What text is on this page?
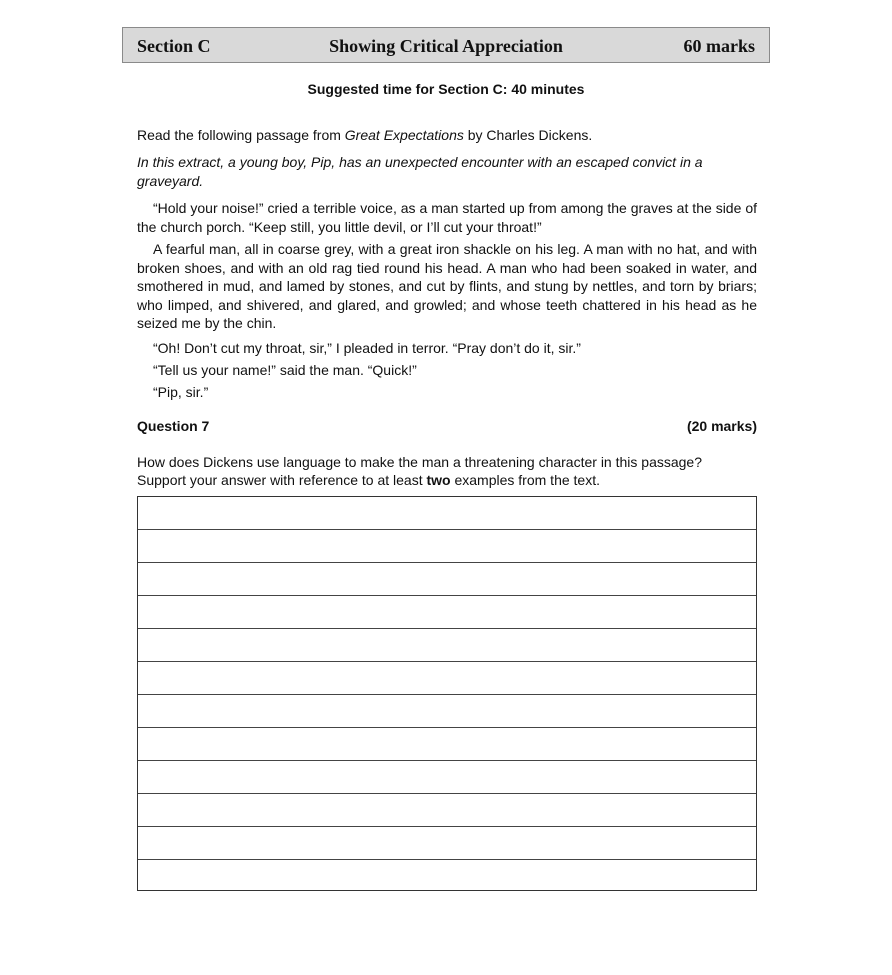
Showing Critical Appreciation
Section C	60 marks
Suggested time for Section C: 40 minutes
Read the following passage from Great Expectations by Charles Dickens.
In this extract, a young boy, Pip, has an unexpected encounter with an escaped convict in a graveyard.
“Hold your noise!” cried a terrible voice, as a man started up from among the graves at the side of the church porch. “Keep still, you little devil, or I’ll cut your throat!”
A fearful man, all in coarse grey, with a great iron shackle on his leg. A man with no hat, and with broken shoes, and with an old rag tied round his head. A man who had been soaked in water, and smothered in mud, and lamed by stones, and cut by flints, and stung by nettles, and torn by briars; who limped, and shivered, and glared, and growled; and whose teeth chattered in his head as he seized me by the chin.
“Oh! Don’t cut my throat, sir,” I pleaded in terror. “Pray don’t do it, sir.”
“Tell us your name!” said the man. “Quick!”
“Pip, sir.”
Question 7	(20 marks)
How does Dickens use language to make the man a threatening character in this passage?
Support your answer with reference to at least two examples from the text.
